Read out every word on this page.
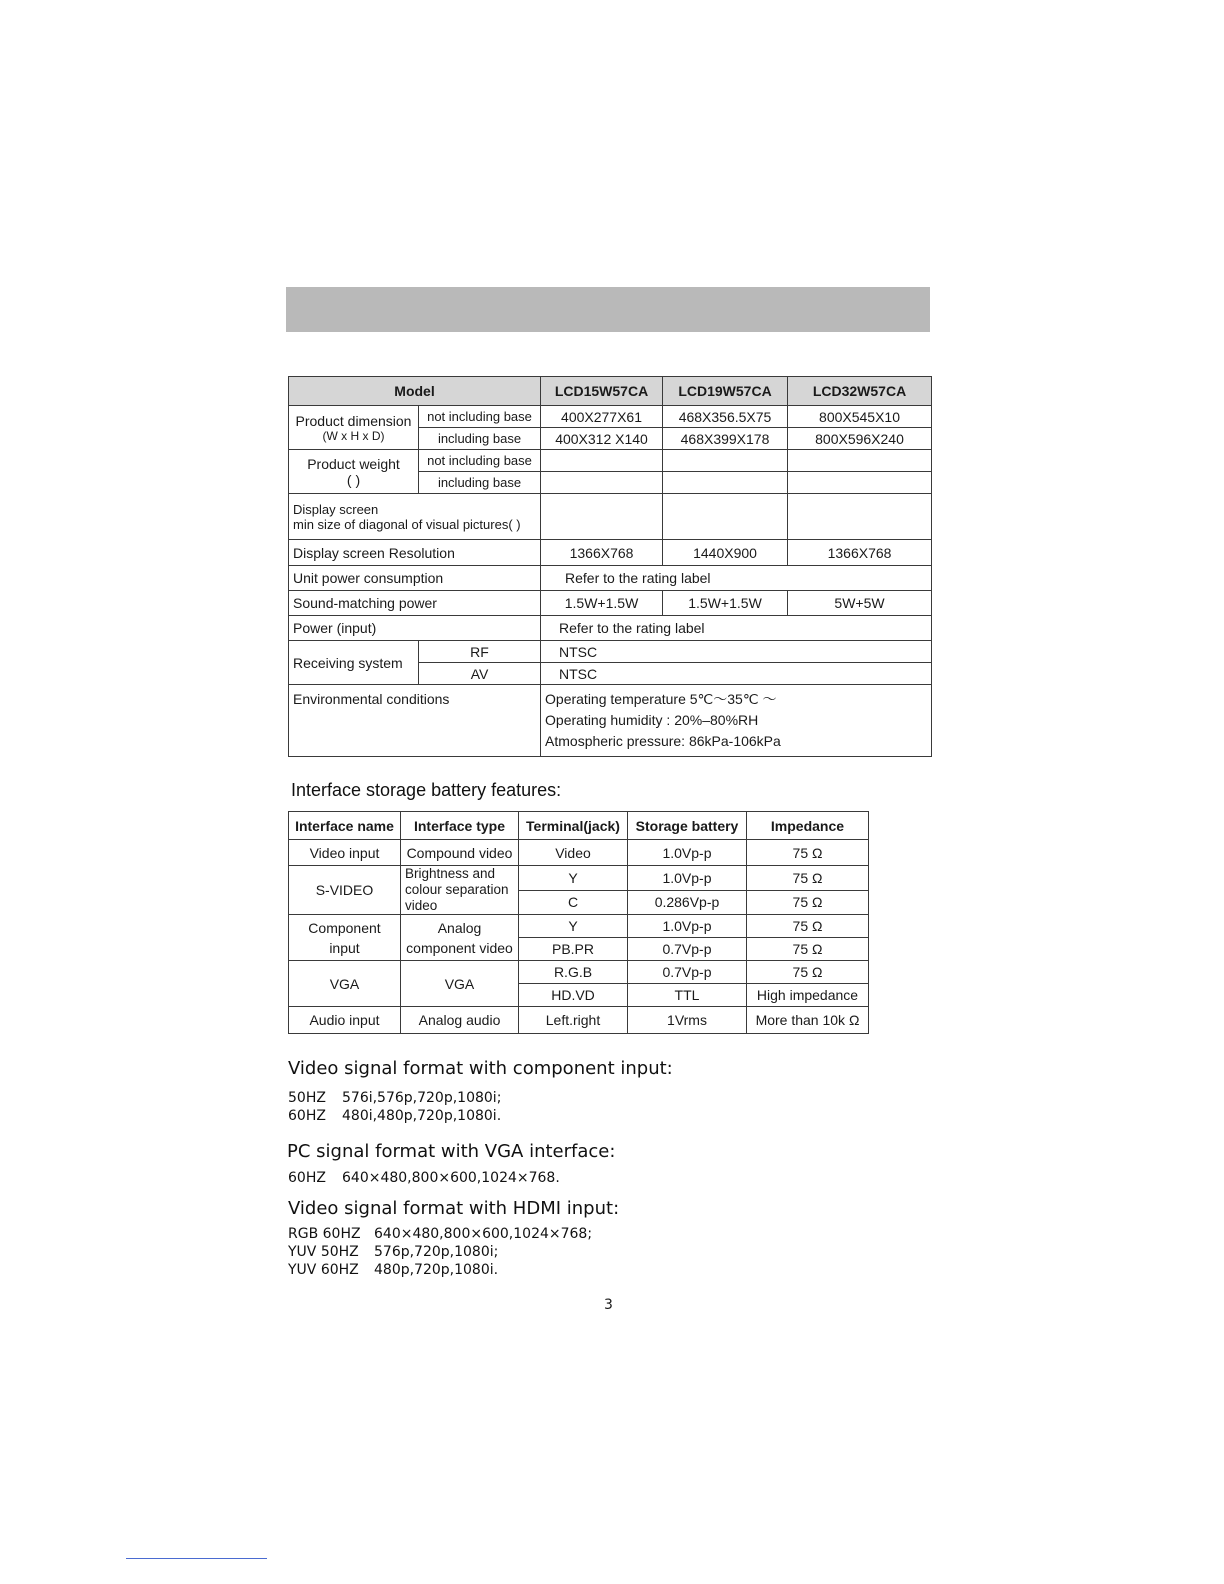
Model		LCD15W57CA	LCD19W57CA	LCD32W57CA

Product dimension
(W x H x D)	not including base	400X277X61	468X356.5X75	800X545X10
	including base	400X312 X140	468X399X178	800X596X240

Product weight
( )	not including base			
	including base			

Display screen
min size of diagonal of visual pictures( )				

Display screen Resolution		1366X768	1440X900	1366X768
Unit power consumption		Refer to the rating label		
Sound-matching power		1.5W+1.5W	1.5W+1.5W	5W+5W
Power (input)		Refer to the rating label		
Receiving system	RF	NTSC		
	AV	NTSC		
Environmental conditions		Operating temperature 5℃～35℃ ～
Operating humidity : 20%–80%RH
Atmospheric pressure: 86kPa-106kPa		
Interface storage battery features:
Interface name	Interface type	Terminal(jack)	Storage battery	Impedance
Video input	Compound video	Video	1.0Vp-p	75 Ω
S-VIDEO	Brightness and colour separation video	Y	1.0Vp-p	75 Ω
		C	0.286Vp-p	75 Ω
Component input	Analog component video	Y	1.0Vp-p	75 Ω
		PB.PR	0.7Vp-p	75 Ω
VGA	VGA	R.G.B	0.7Vp-p	75 Ω
		HD.VD	TTL	High impedance
Audio input	Analog audio	Left.right	1Vrms	More than 10k Ω
Video signal format with component input:
50HZ 576i,576p,720p,1080i;
60HZ 480i,480p,720p,1080i.
PC signal format with VGA interface:
60HZ 640×480,800×600,1024×768.
Video signal format with HDMI input:
RGB 60HZ 640×480,800×600,1024×768;
YUV 50HZ 576p,720p,1080i;
YUV 60HZ 480p,720p,1080i.
3
